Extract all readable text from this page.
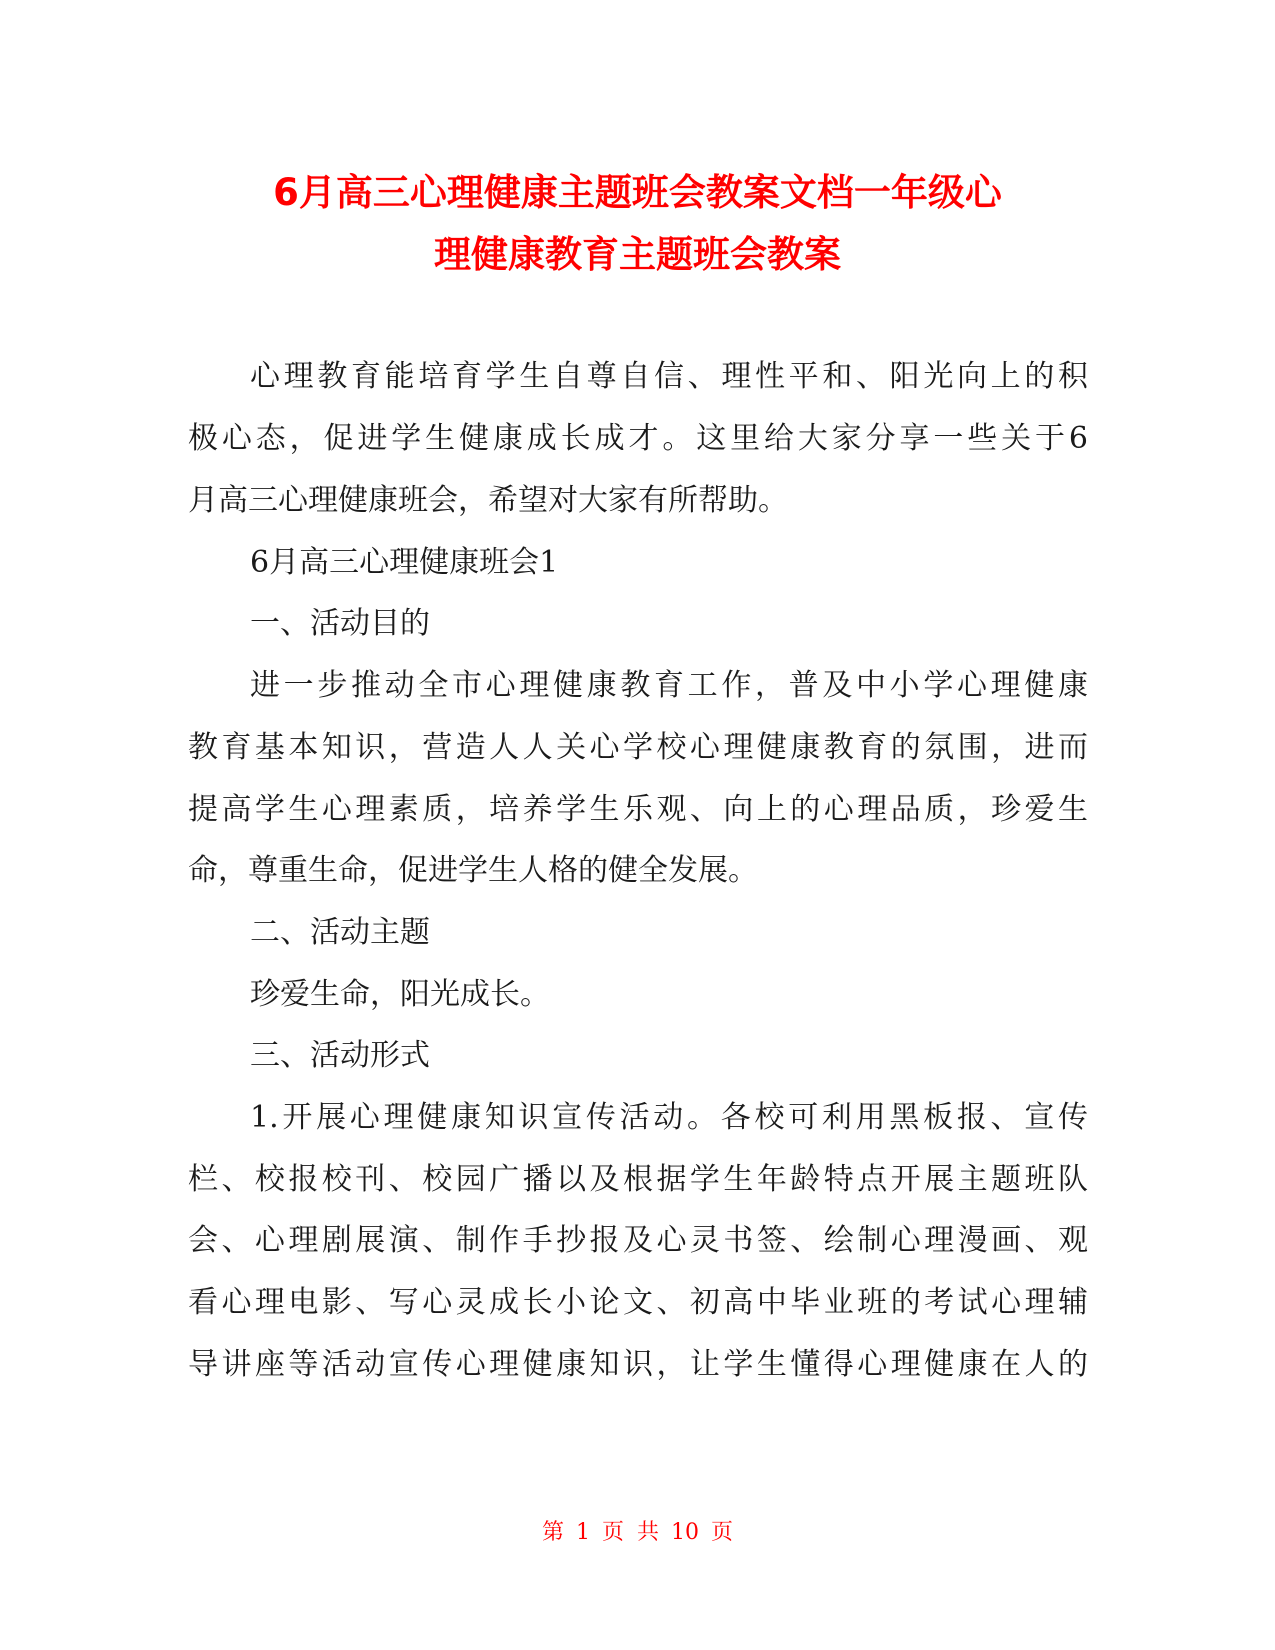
6月高三心理健康主题班会教案文档一年级心
理健康教育主题班会教案
心理教育能培育学生自尊自信、理性平和、阳光向上的积
极心态，促进学生健康成长成才。这里给大家分享一些关于6
月高三心理健康班会，希望对大家有所帮助。
6月高三心理健康班会1
一、活动目的
进一步推动全市心理健康教育工作，普及中小学心理健康
教育基本知识，营造人人关心学校心理健康教育的氛围，进而
提高学生心理素质，培养学生乐观、向上的心理品质，珍爱生
命，尊重生命，促进学生人格的健全发展。
二、活动主题
珍爱生命，阳光成长。
三、活动形式
1.开展心理健康知识宣传活动。各校可利用黑板报、宣传
栏、校报校刊、校园广播以及根据学生年龄特点开展主题班队
会、心理剧展演、制作手抄报及心灵书签、绘制心理漫画、观
看心理电影、写心灵成长小论文、初高中毕业班的考试心理辅
导讲座等活动宣传心理健康知识，让学生懂得心理健康在人的
第 1 页 共 10 页
